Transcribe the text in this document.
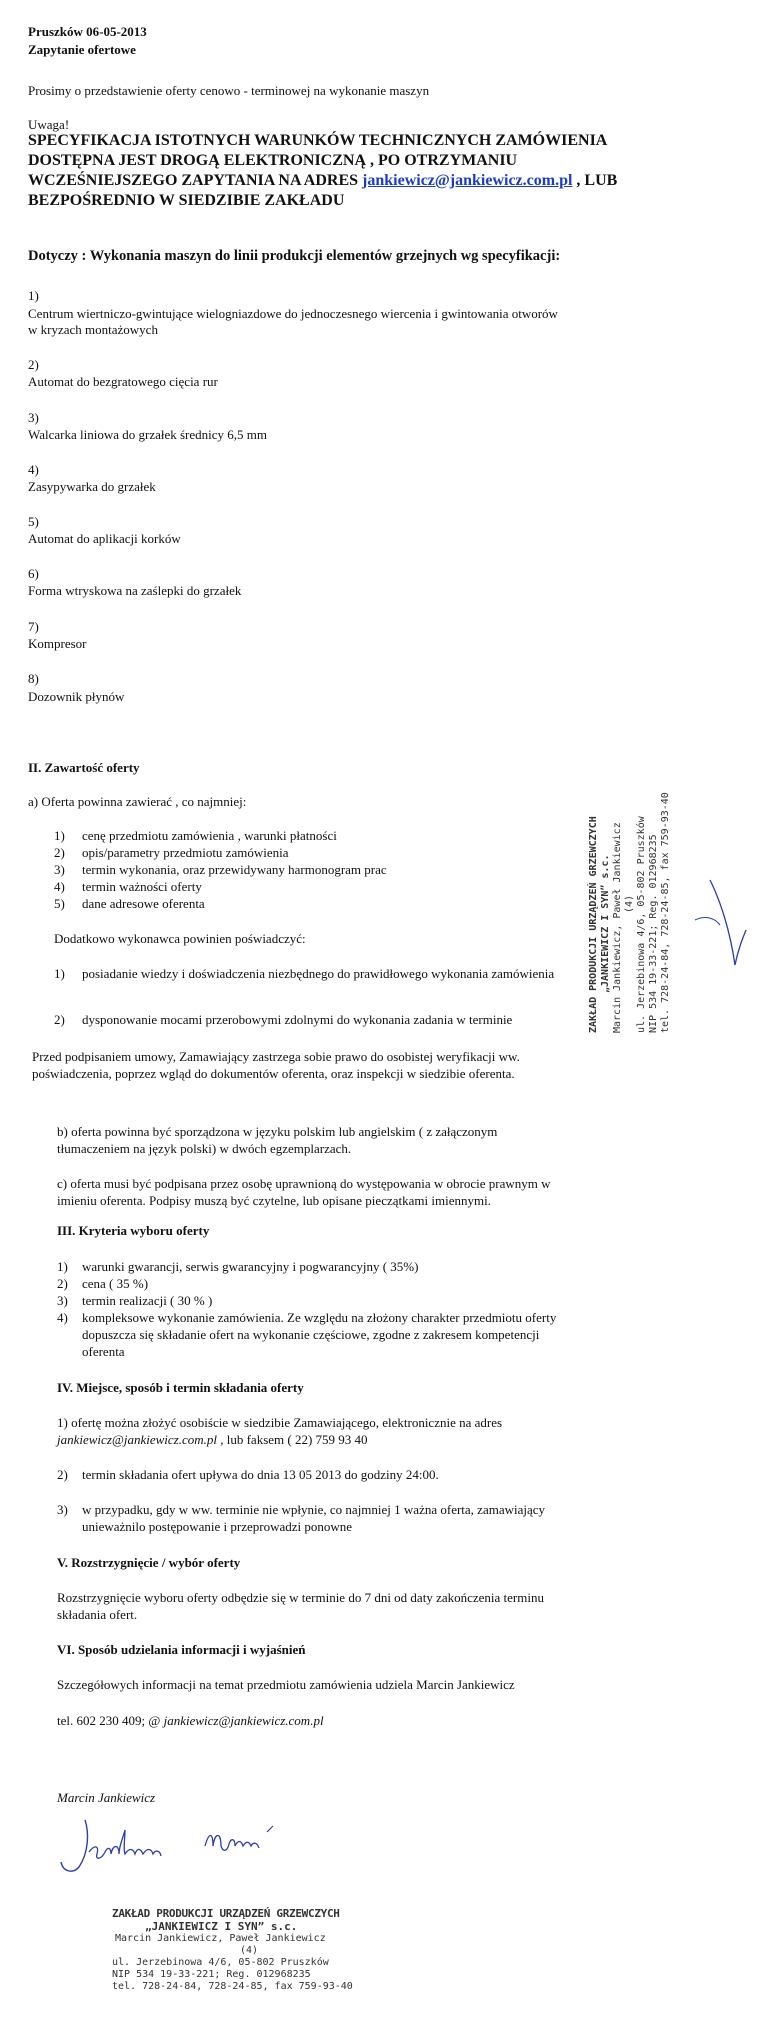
Pruszków 06-05-2013
Zapytanie ofertowe
Prosimy o przedstawienie oferty cenowo - terminowej na wykonanie maszyn
Uwaga!
SPECYFIKACJA ISTOTNYCH WARUNKÓW TECHNICZNYCH ZAMÓWIENIA
DOSTĘPNA JEST DROGĄ ELEKTRONICZNĄ , PO OTRZYMANIU
WCZEŚNIEJSZEGO ZAPYTANIA NA ADRES jankiewicz@jankiewicz.com.pl , LUB
BEZPOŚREDNIO W SIEDZIBIE ZAKŁADU
Dotyczy : Wykonania maszyn do linii produkcji elementów grzejnych wg specyfikacji:
1)
Centrum wiertniczo-gwintujące wielogniazdowe do jednoczesnego wiercenia i gwintowania otworów
w kryzach montażowych
2)
Automat do bezgratowego cięcia rur
3)
Walcarka liniowa do grzałek średnicy 6,5 mm
4)
Zasypywarka do grzałek
5)
Automat do aplikacji korków
6)
Forma wtryskowa na zaślepki do grzałek
7)
Kompresor
8)
Dozownik płynów
II. Zawartość oferty
a) Oferta powinna zawierać , co najmniej:
1) cenę przedmiotu zamówienia , warunki płatności
2) opis/parametry przedmiotu zamówienia
3) termin wykonania, oraz przewidywany harmonogram prac
4) termin ważności oferty
5) dane adresowe oferenta
Dodatkowo wykonawca powinien poświadczyć:
1) posiadanie wiedzy i doświadczenia niezbędnego do prawidłowego wykonania zamówienia
2) dysponowanie mocami przerobowymi zdolnymi do wykonania zadania w terminie
Przed podpisaniem umowy, Zamawiający zastrzega sobie prawo do osobistej weryfikacji ww.
poświadczenia, poprzez wgląd do dokumentów oferenta, oraz inspekcji w siedzibie oferenta.
b) oferta powinna być sporządzona w języku polskim lub angielskim ( z załączonym
tłumaczeniem na język polski) w dwóch egzemplarzach.
c) oferta musi być podpisana przez osobę uprawnioną do występowania w obrocie prawnym w
imieniu oferenta. Podpisy muszą być czytelne, lub opisane pieczątkami imiennymi.
III. Kryteria wyboru oferty
1) warunki gwarancji, serwis gwarancyjny i pogwarancyjny ( 35%)
2) cena ( 35 %)
3) termin realizacji ( 30 % )
4) kompleksowe wykonanie zamówienia. Ze względu na złożony charakter przedmiotu oferty
dopuszcza się składanie ofert na wykonanie częściowe, zgodne z zakresem kompetencji
oferenta
IV. Miejsce, sposób i termin składania oferty
1) ofertę można złożyć osobiście w siedzibie Zamawiającego, elektronicznie na adres
jankiewicz@jankiewicz.com.pl , lub faksem ( 22) 759 93 40
2) termin składania ofert upływa do dnia 13 05 2013 do godziny 24:00.
3) w przypadku, gdy w ww. terminie nie wpłynie, co najmniej 1 ważna oferta, zamawiający
unieważnilo postępowanie i przeprowadzi ponowne
V. Rozstrzygnięcie / wybór oferty
Rozstrzygnięcie wyboru oferty odbędzie się w terminie do 7 dni od daty zakończenia terminu
składania ofert.
VI. Sposób udzielania informacji i wyjaśnień
Szczegółowych informacji na temat przedmiotu zamówienia udziela Marcin Jankiewicz
tel. 602 230 409; @ jankiewicz@jankiewicz.com.pl
Marcin Jankiewicz
Jankiewicz Marcin
ZAKŁAD PRODUKCJI URZĄDZEŃ GRZEWCZYCH
„JANKIEWICZ I SYN” s.c.
Marcin Jankiewicz, Paweł Jankiewicz
(4)
ul. Jerzebinowa 4/6, 05-802 Pruszków
NIP 534 19-33-221; Reg. 012968235
tel. 728-24-84, 728-24-85, fax 759-93-40
ZAKŁAD PRODUKCJI URZĄDZEŃ GRZEWCZYCH „JANKIEWICZ I SYN” s.c. Marcin Jankiewicz, Paweł Jankiewicz (4) ul. Jerzebinowa 4/6, 05-802 Pruszków NIP 534 19-33-221; Reg. 012968235 tel. 728-24-84, 728-24-85, fax 759-93-40
